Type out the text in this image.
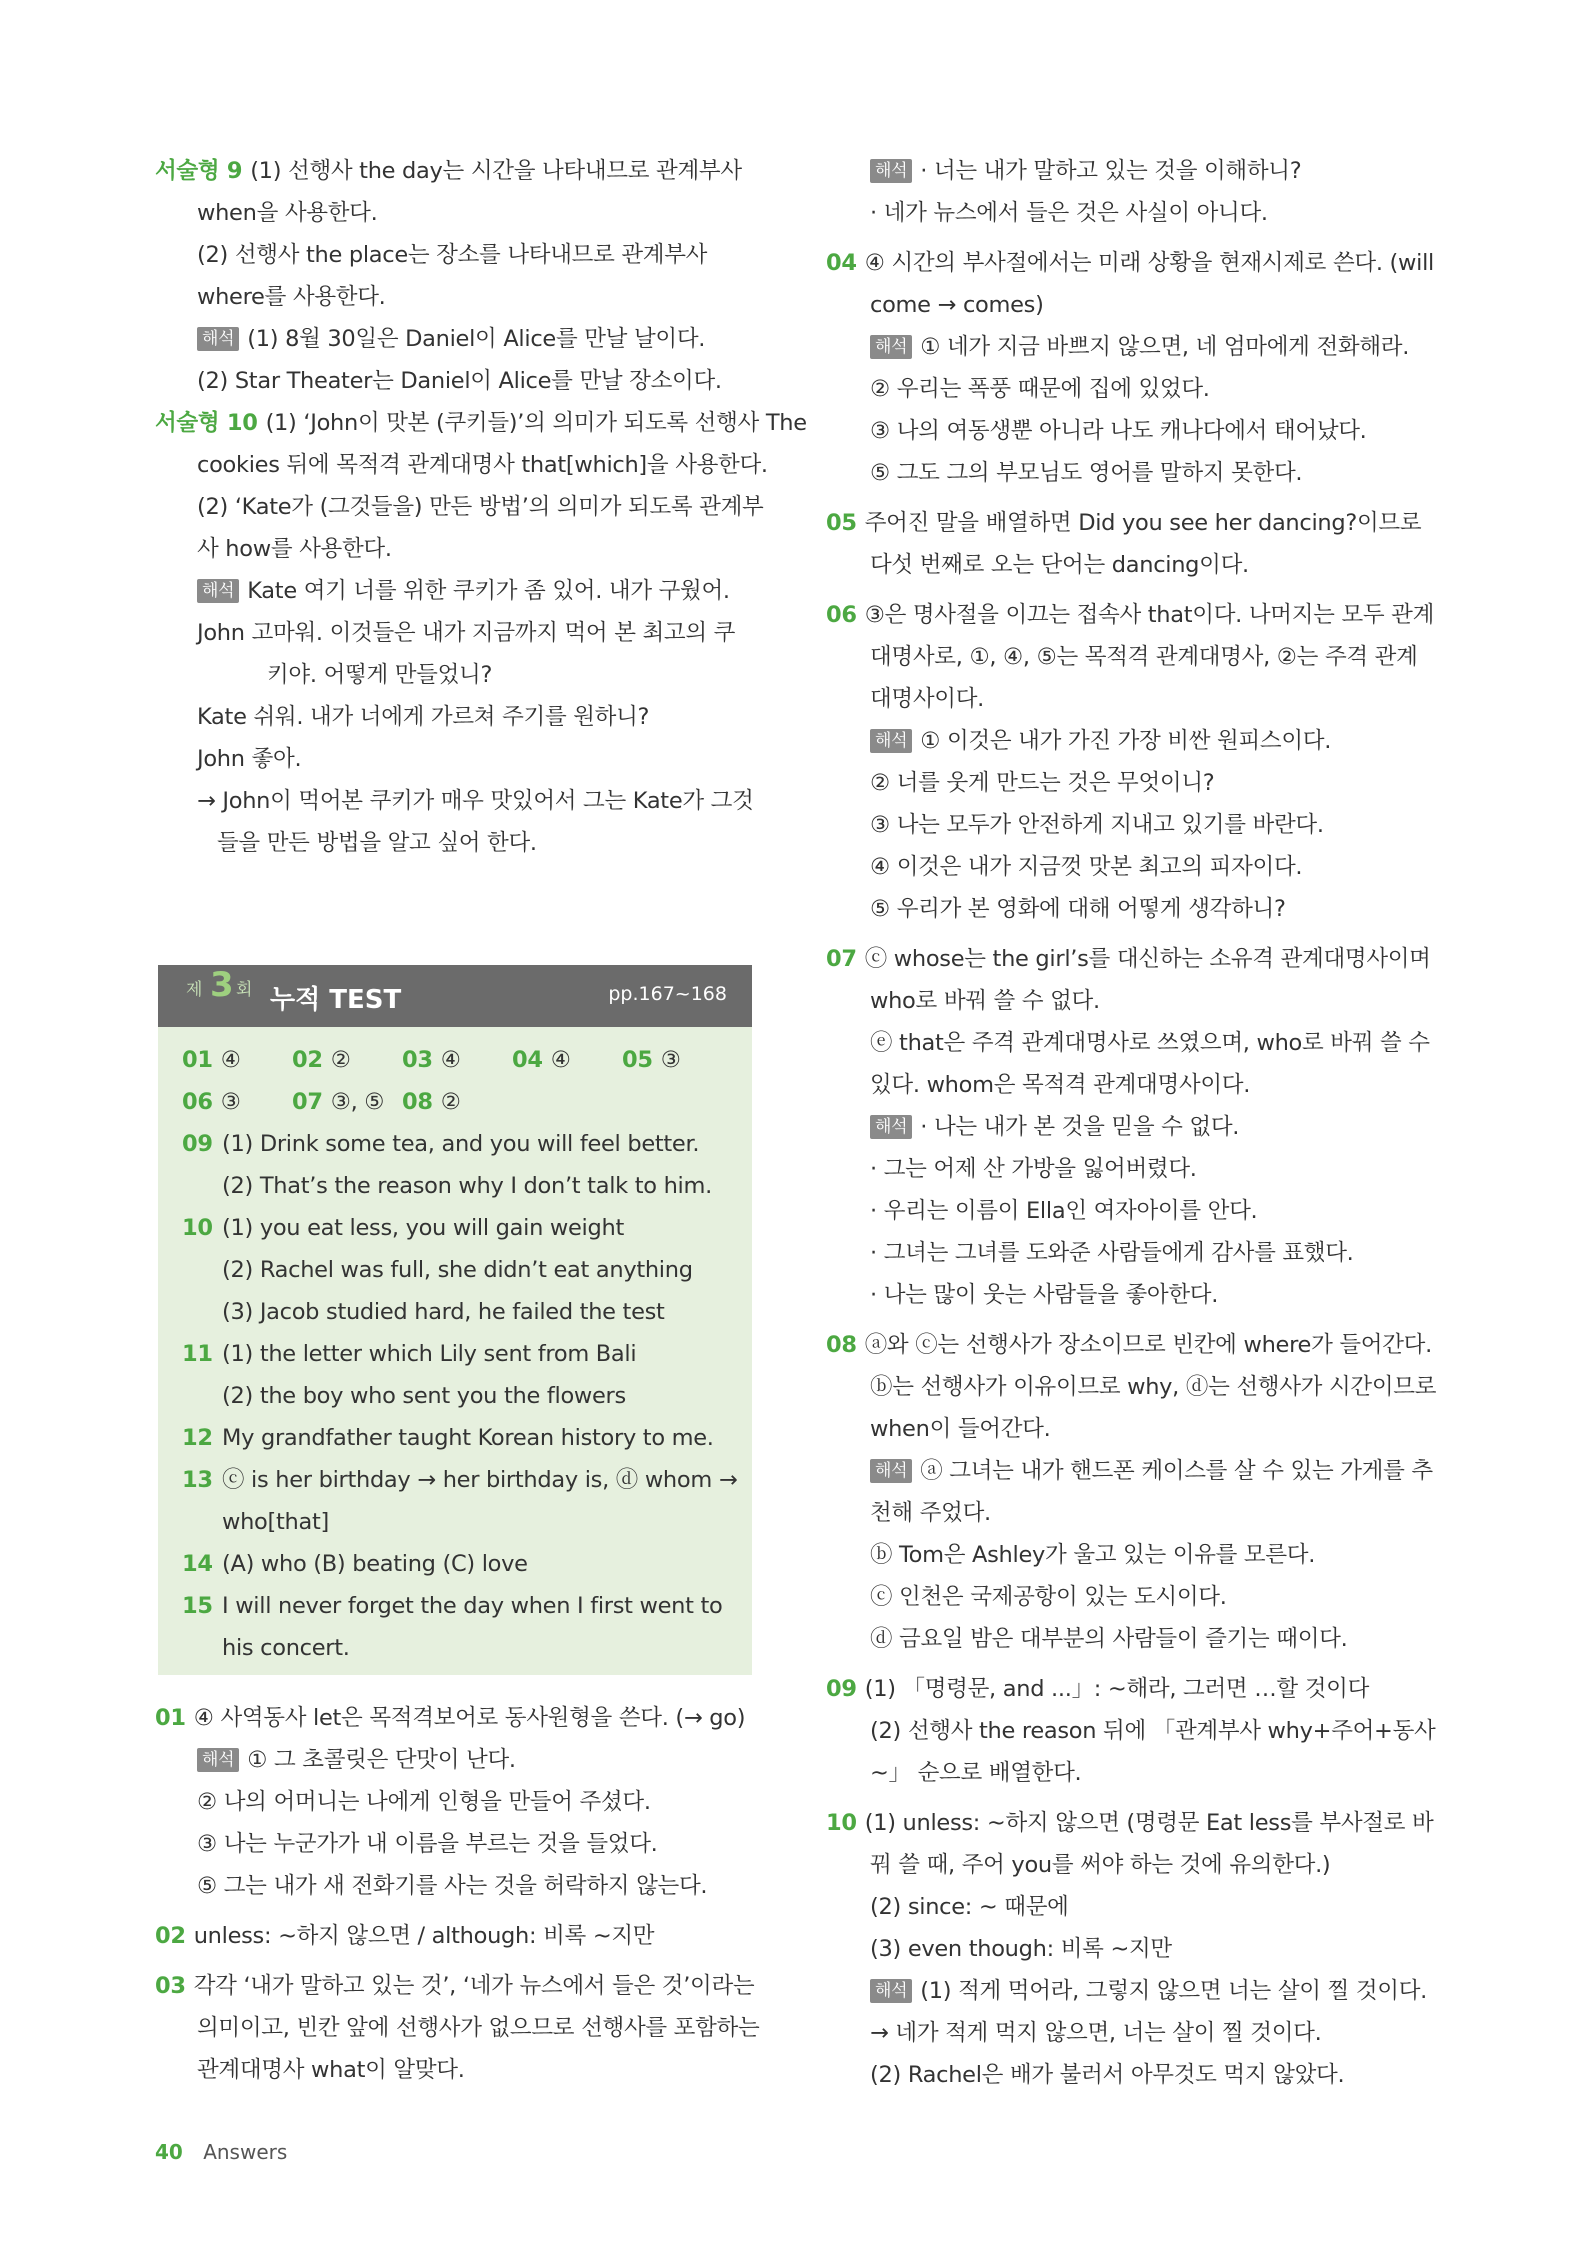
서술형 9 (1) 선행사 the day는 시간을 나타내므로 관계부사
when을 사용한다.
(2) 선행사 the place는 장소를 나타내므로 관계부사
where를 사용한다.
해석 (1) 8월 30일은 Daniel이 Alice를 만날 날이다.
(2) Star Theater는 Daniel이 Alice를 만날 장소이다.
서술형 10 (1) ‘John이 맛본 (쿠키들)’의 의미가 되도록 선행사 The
cookies 뒤에 목적격 관계대명사 that[which]을 사용한다.
(2) ‘Kate가 (그것들을) 만든 방법’의 의미가 되도록 관계부
사 how를 사용한다.
해석 Kate 여기 너를 위한 쿠키가 좀 있어. 내가 구웠어.
John 고마워. 이것들은 내가 지금까지 먹어 본 최고의 쿠
키야. 어떻게 만들었니?
Kate 쉬워. 내가 너에게 가르쳐 주기를 원하니?
John 좋아.
→ John이 먹어본 쿠키가 매우 맛있어서 그는 Kate가 그것
들을 만든 방법을 알고 싶어 한다.
제 3 회 누적 TEST	pp.167~168
01 ④ 02 ② 03 ④ 04 ④ 05 ③
06 ③ 07 ③, ⑤ 08 ②
09 (1) Drink some tea, and you will feel better.
(2) That’s the reason why I don’t talk to him.
10 (1) you eat less, you will gain weight
(2) Rachel was full, she didn’t eat anything
(3) Jacob studied hard, he failed the test
11 (1) the letter which Lily sent from Bali
(2) the boy who sent you the flowers
12 My grandfather taught Korean history to me.
13 ⓒ is her birthday → her birthday is, ⓓ whom →
who[that]
14 (A) who (B) beating (C) love
15 I will never forget the day when I first went to
his concert.
01 ④ 사역동사 let은 목적격보어로 동사원형을 쓴다. (→ go)
해석 ① 그 초콜릿은 단맛이 난다.
② 나의 어머니는 나에게 인형을 만들어 주셨다.
③ 나는 누군가가 내 이름을 부르는 것을 들었다.
⑤ 그는 내가 새 전화기를 사는 것을 허락하지 않는다.
02 unless: ~하지 않으면 / although: 비록 ~지만
03 각각 ‘내가 말하고 있는 것’, ‘네가 뉴스에서 들은 것’이라는
의미이고, 빈칸 앞에 선행사가 없으므로 선행사를 포함하는
관계대명사 what이 알맞다.
해석 · 너는 내가 말하고 있는 것을 이해하니?
· 네가 뉴스에서 들은 것은 사실이 아니다.
04 ④ 시간의 부사절에서는 미래 상황을 현재시제로 쓴다. (will
come → comes)
해석 ① 네가 지금 바쁘지 않으면, 네 엄마에게 전화해라.
② 우리는 폭풍 때문에 집에 있었다.
③ 나의 여동생뿐 아니라 나도 캐나다에서 태어났다.
⑤ 그도 그의 부모님도 영어를 말하지 못한다.
05 주어진 말을 배열하면 Did you see her dancing?이므로
다섯 번째로 오는 단어는 dancing이다.
06 ③은 명사절을 이끄는 접속사 that이다. 나머지는 모두 관계
대명사로, ①, ④, ⑤는 목적격 관계대명사, ②는 주격 관계
대명사이다.
해석 ① 이것은 내가 가진 가장 비싼 원피스이다.
② 너를 웃게 만드는 것은 무엇이니?
③ 나는 모두가 안전하게 지내고 있기를 바란다.
④ 이것은 내가 지금껏 맛본 최고의 피자이다.
⑤ 우리가 본 영화에 대해 어떻게 생각하니?
07 ⓒ whose는 the girl’s를 대신하는 소유격 관계대명사이며
who로 바꿔 쓸 수 없다.
ⓔ that은 주격 관계대명사로 쓰였으며, who로 바꿔 쓸 수
있다. whom은 목적격 관계대명사이다.
해석 · 나는 내가 본 것을 믿을 수 없다.
· 그는 어제 산 가방을 잃어버렸다.
· 우리는 이름이 Ella인 여자아이를 안다.
· 그녀는 그녀를 도와준 사람들에게 감사를 표했다.
· 나는 많이 웃는 사람들을 좋아한다.
08 ⓐ와 ⓒ는 선행사가 장소이므로 빈칸에 where가 들어간다.
ⓑ는 선행사가 이유이므로 why, ⓓ는 선행사가 시간이므로
when이 들어간다.
해석 ⓐ 그녀는 내가 핸드폰 케이스를 살 수 있는 가게를 추
천해 주었다.
ⓑ Tom은 Ashley가 울고 있는 이유를 모른다.
ⓒ 인천은 국제공항이 있는 도시이다.
ⓓ 금요일 밤은 대부분의 사람들이 즐기는 때이다.
09 (1) 「명령문, and ...」: ~해라, 그러면 …할 것이다
(2) 선행사 the reason 뒤에 「관계부사 why+주어+동사
~」 순으로 배열한다.
10 (1) unless: ~하지 않으면 (명령문 Eat less를 부사절로 바
꿔 쓸 때, 주어 you를 써야 하는 것에 유의한다.)
(2) since: ~ 때문에
(3) even though: 비록 ~지만
해석 (1) 적게 먹어라, 그렇지 않으면 너는 살이 찔 것이다.
→ 네가 적게 먹지 않으면, 너는 살이 찔 것이다.
(2) Rachel은 배가 불러서 아무것도 먹지 않았다.
40 Answers
